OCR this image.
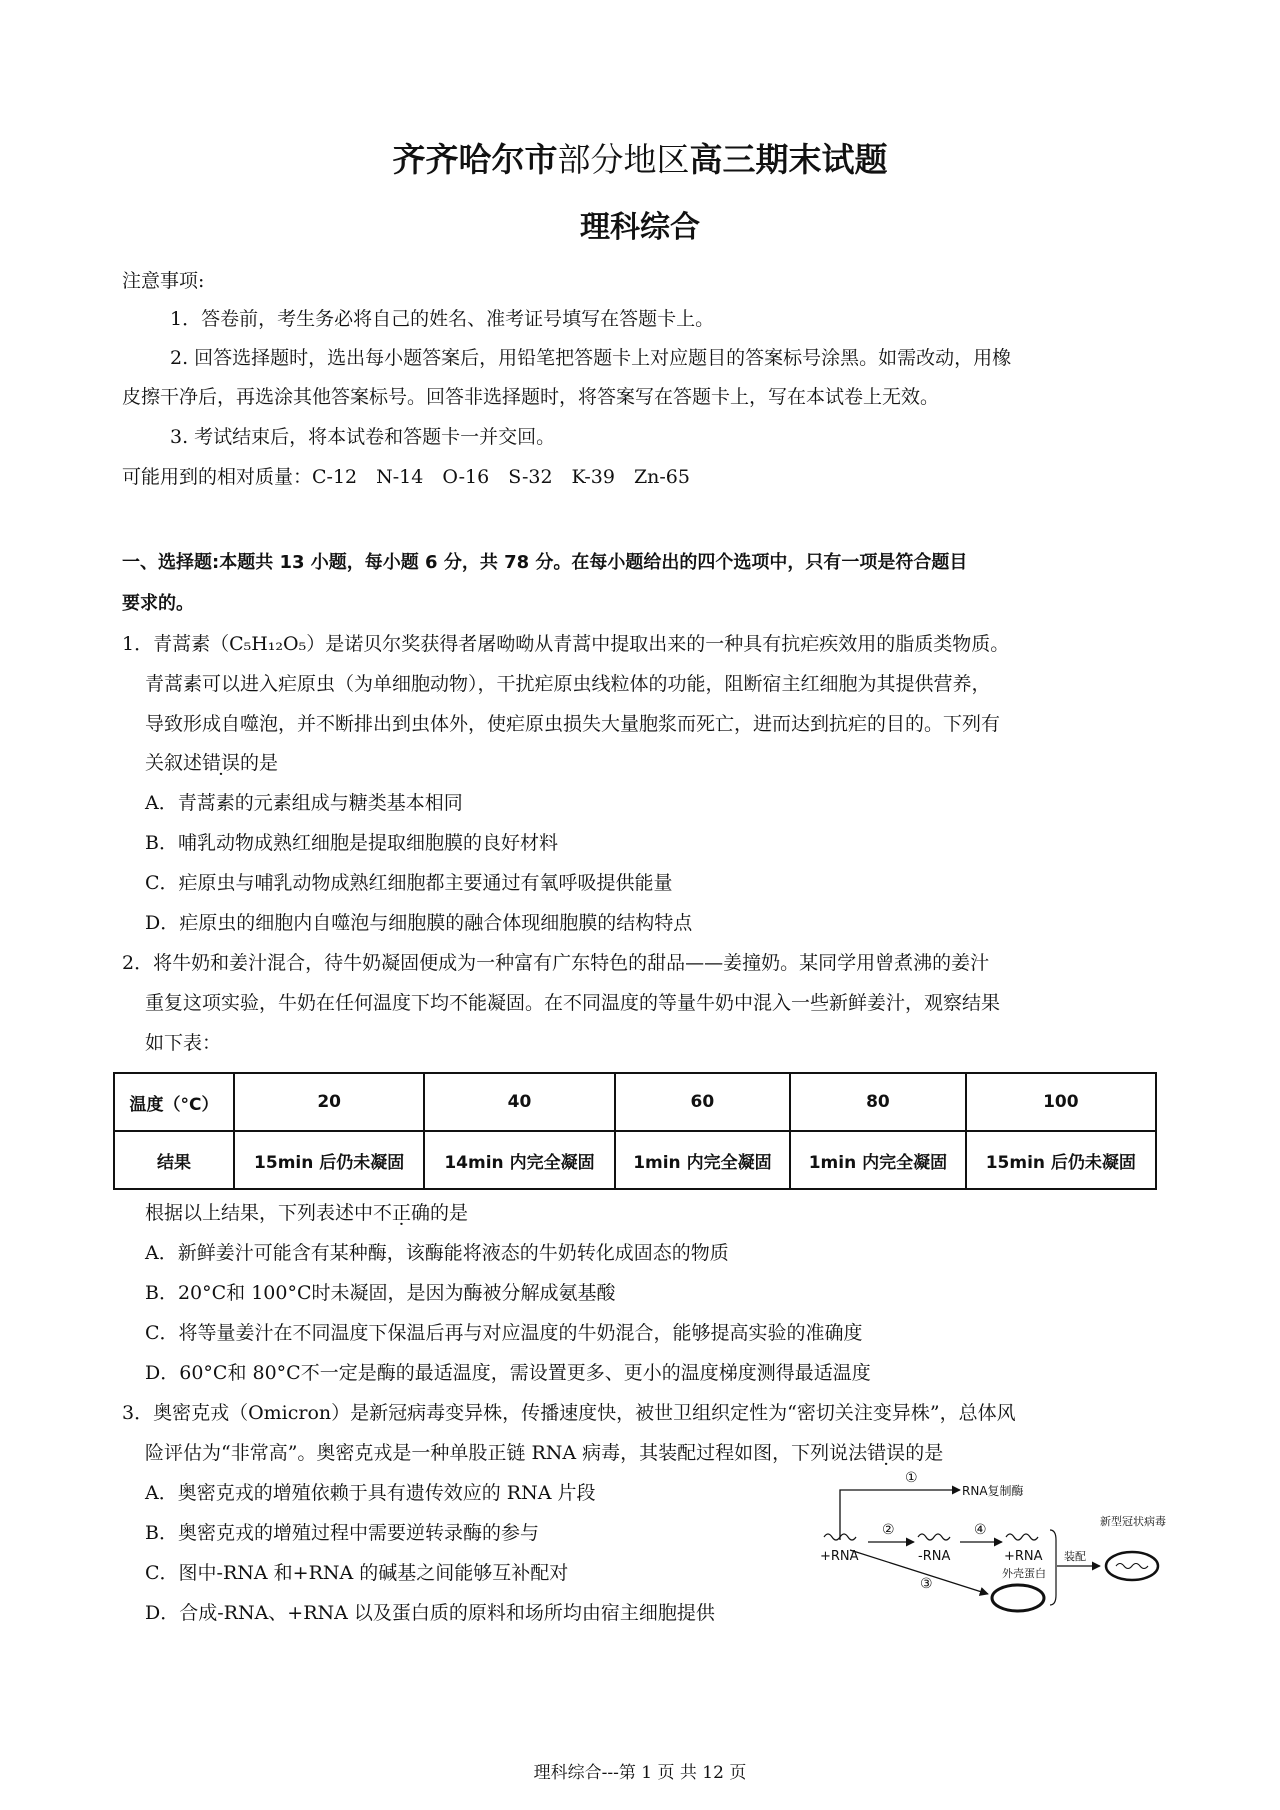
齐齐哈尔市部分地区高三期末试题
理科综合
注意事项:
1．答卷前，考生务必将自己的姓名、准考证号填写在答题卡上。
2. 回答选择题时，选出每小题答案后，用铅笔把答题卡上对应题目的答案标号涂黑。如需改动，用橡
皮擦干净后，再选涂其他答案标号。回答非选择题时，将答案写在答题卡上，写在本试卷上无效。
3. 考试结束后，将本试卷和答题卡一并交回。
可能用到的相对质量：C-12　N-14　O-16　S-32　K-39　Zn-65
一、选择题:本题共 13 小题，每小题 6 分，共 78 分。在每小题给出的四个选项中，只有一项是符合题目
要求的。
1．青蒿素（C₅H₁₂O₅）是诺贝尔奖获得者屠呦呦从青蒿中提取出来的一种具有抗疟疾效用的脂质类物质。
青蒿素可以进入疟原虫（为单细胞动物），干扰疟原虫线粒体的功能，阻断宿主红细胞为其提供营养，
导致形成自噬泡，并不断排出到虫体外，使疟原虫损失大量胞浆而死亡，进而达到抗疟的目的。下列有
关叙述错误的是
A．青蒿素的元素组成与糖类基本相同
B．哺乳动物成熟红细胞是提取细胞膜的良好材料
C．疟原虫与哺乳动物成熟红细胞都主要通过有氧呼吸提供能量
D．疟原虫的细胞内自噬泡与细胞膜的融合体现细胞膜的结构特点
2．将牛奶和姜汁混合，待牛奶凝固便成为一种富有广东特色的甜品——姜撞奶。某同学用曾煮沸的姜汁
重复这项实验，牛奶在任何温度下均不能凝固。在不同温度的等量牛奶中混入一些新鲜姜汁，观察结果
如下表：
温度（°C）	20	40	60	80	100
结果	15min 后仍未凝固	14min 内完全凝固	1min 内完全凝固	1min 内完全凝固	15min 后仍未凝固
根据以上结果，下列表述中不正确的是
A．新鲜姜汁可能含有某种酶，该酶能将液态的牛奶转化成固态的物质
B．20°C和 100°C时未凝固，是因为酶被分解成氨基酸
C．将等量姜汁在不同温度下保温后再与对应温度的牛奶混合，能够提高实验的准确度
D．60°C和 80°C不一定是酶的最适温度，需设置更多、更小的温度梯度测得最适温度
3．奥密克戎（Omicron）是新冠病毒变异株，传播速度快，被世卫组织定性为“密切关注变异株”，总体风
险评估为“非常高”。奥密克戎是一种单股正链 RNA 病毒，其装配过程如图，下列说法错误的是
A．奥密克戎的增殖依赖于具有遗传效应的 RNA 片段
B．奥密克戎的增殖过程中需要逆转录酶的参与
C．图中-RNA 和+RNA 的碱基之间能够互补配对
D．合成-RNA、+RNA 以及蛋白质的原料和场所均由宿主细胞提供
①
RNA复制酶
+RNA
②
-RNA
④
+RNA
③
外壳蛋白
装配
新型冠状病毒
理科综合---第 1 页 共 12 页
